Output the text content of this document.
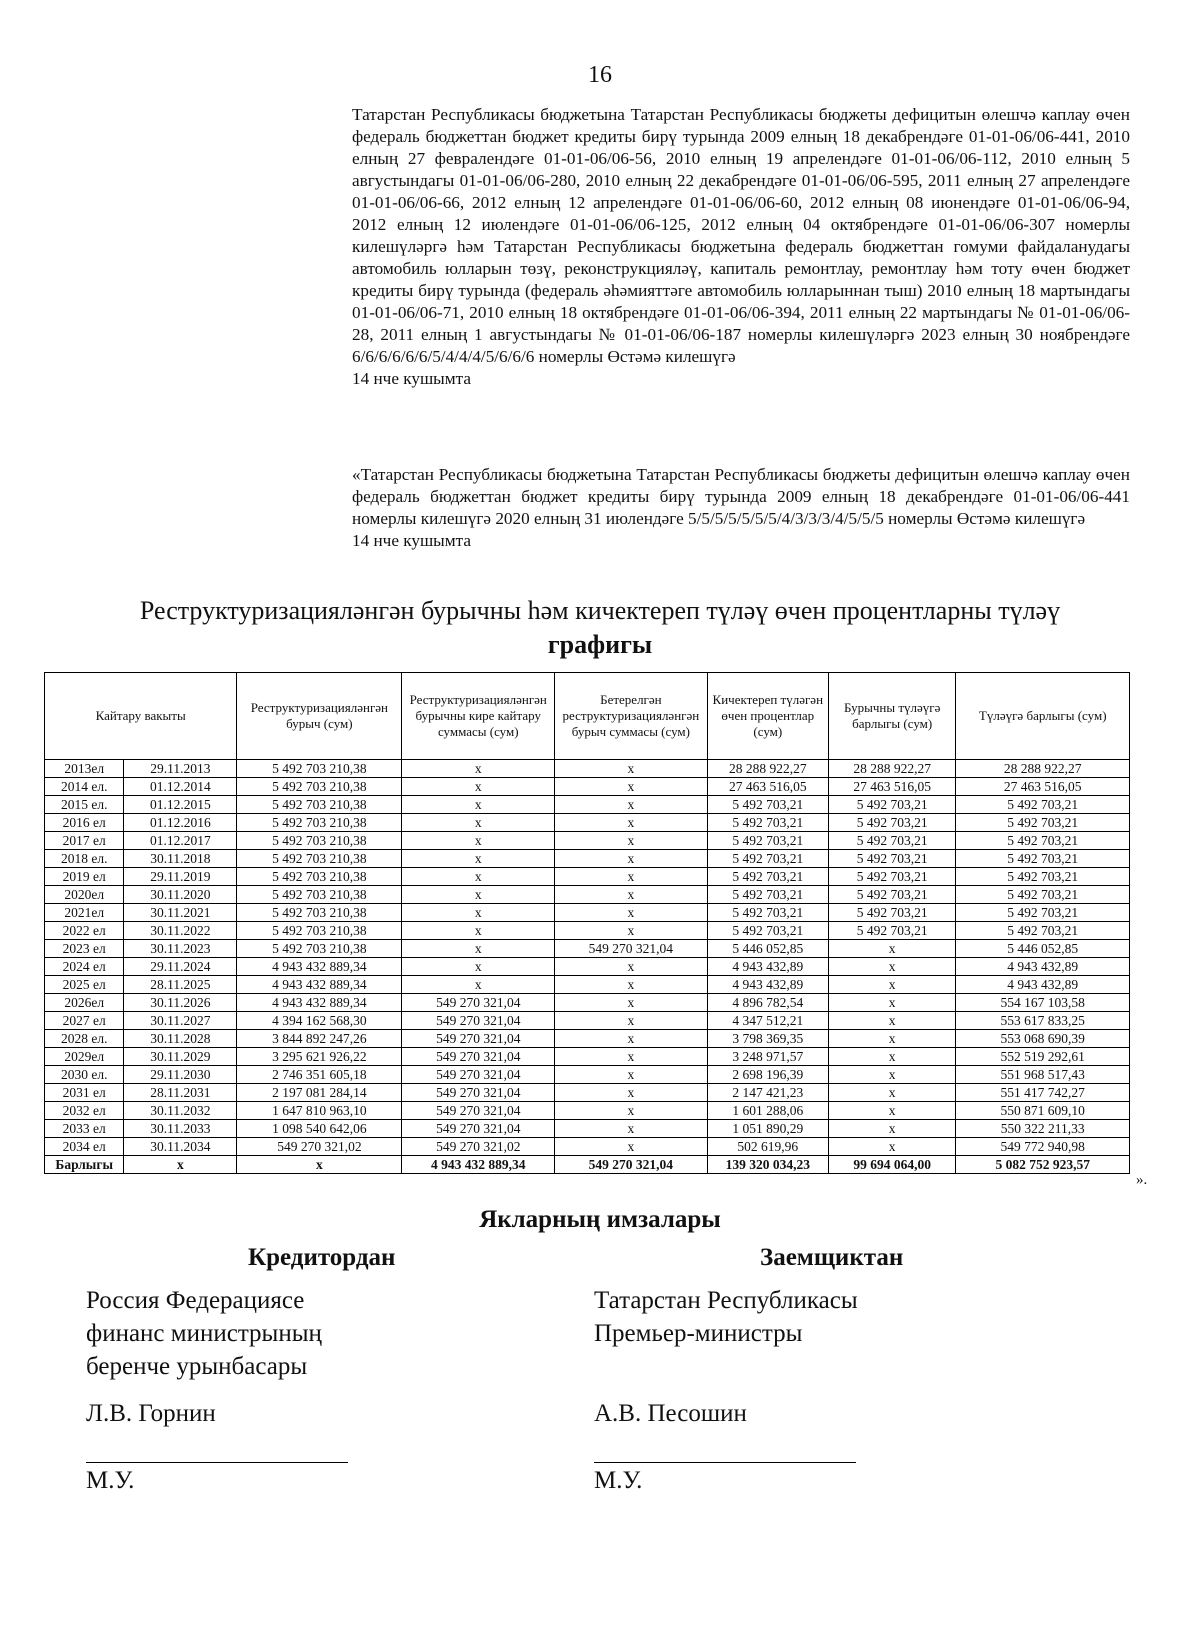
16

Татарстан Республикасы бюджетына Татарстан Республикасы бюджеты дефицитын өлешчә каплау өчен федераль бюджеттан бюджет кредиты бирү турында 2009 елның 18 декабрендәге 01-01-06/06-441, 2010 елның 27 февралендәге 01-01-06/06-56, 2010 елның 19 апрелендәге 01-01-06/06-112, 2010 елның 5 августындагы 01-01-06/06-280, 2010 елның 22 декабрендәге 01-01-06/06-595, 2011 елның 27 апрелендәге 01-01-06/06-66, 2012 елның 12 апрелендәге 01-01-06/06-60, 2012 елның 08 июнендәге 01-01-06/06-94, 2012 елның 12 июлендәге 01-01-06/06-125, 2012 елның 04 октябрендәге 01-01-06/06-307 номерлы килешүләргә һәм Татарстан Республикасы бюджетына федераль бюджеттан гомуми файдаланудагы автомобиль юлларын төзү, реконструкцияләү, капиталь ремонтлау, ремонтлау һәм тоту өчен бюджет кредиты бирү турында (федераль әһәмияттәге автомобиль юлларыннан тыш) 2010 елның 18 мартындагы 01-01-06/06-71, 2010 елның 18 октябрендәге 01-01-06/06-394, 2011 елның 22 мартындагы № 01-01-06/06-28, 2011 елның 1 августындагы № 01-01-06/06-187 номерлы килешүләргә 2023 елның 30 ноябрендәге 6/6/6/6/6/6/5/4/4/4/5/6/6/6 номерлы Өстәмә килешүгә

14 нче кушымта

«Татарстан Республикасы бюджетына Татарстан Республикасы бюджеты дефицитын өлешчә каплау өчен федераль бюджеттан бюджет кредиты бирү турында 2009 елның 18 декабрендәге 01-01-06/06-441 номерлы килешүгә 2020 елның 31 июлендәге 5/5/5/5/5/5/5/4/3/3/3/4/5/5/5 номерлы Өстәмә килешүгә

14 нче кушымта

Реструктуризацияләнгән бурычны һәм кичектереп түләү өчен процентларны түләү
графигы
Кайтару вакыты		Реструктуризацияләнгән бурыч (сум)	Реструктуризацияләнгән бурычны кире кайтару суммасы (сум)	Бетерелгән реструктуризацияләнгән бурыч суммасы (сум)	Кичектереп түләгән өчен процентлар (сум)	Бурычны түләүгә барлыгы (сум)	Түләүгә барлыгы (сум)
2013ел	29.11.2013	5 492 703 210,38	x	x	28 288 922,27	28 288 922,27	28 288 922,27
2014 ел.	01.12.2014	5 492 703 210,38	x	x	27 463 516,05	27 463 516,05	27 463 516,05
2015 ел.	01.12.2015	5 492 703 210,38	x	x	5 492 703,21	5 492 703,21	5 492 703,21
2016 ел	01.12.2016	5 492 703 210,38	x	x	5 492 703,21	5 492 703,21	5 492 703,21
2017 ел	01.12.2017	5 492 703 210,38	x	x	5 492 703,21	5 492 703,21	5 492 703,21
2018 ел.	30.11.2018	5 492 703 210,38	x	x	5 492 703,21	5 492 703,21	5 492 703,21
2019 ел	29.11.2019	5 492 703 210,38	x	x	5 492 703,21	5 492 703,21	5 492 703,21
2020ел	30.11.2020	5 492 703 210,38	x	x	5 492 703,21	5 492 703,21	5 492 703,21
2021ел	30.11.2021	5 492 703 210,38	x	x	5 492 703,21	5 492 703,21	5 492 703,21
2022 ел	30.11.2022	5 492 703 210,38	x	x	5 492 703,21	5 492 703,21	5 492 703,21
2023 ел	30.11.2023	5 492 703 210,38	x	549 270 321,04	5 446 052,85	x	5 446 052,85
2024 ел	29.11.2024	4 943 432 889,34	x	x	4 943 432,89	x	4 943 432,89
2025 ел	28.11.2025	4 943 432 889,34	x	x	4 943 432,89	x	4 943 432,89
2026ел	30.11.2026	4 943 432 889,34	549 270 321,04	x	4 896 782,54	x	554 167 103,58
2027 ел	30.11.2027	4 394 162 568,30	549 270 321,04	x	4 347 512,21	x	553 617 833,25
2028 ел.	30.11.2028	3 844 892 247,26	549 270 321,04	x	3 798 369,35	x	553 068 690,39
2029ел	30.11.2029	3 295 621 926,22	549 270 321,04	x	3 248 971,57	x	552 519 292,61
2030 ел.	29.11.2030	2 746 351 605,18	549 270 321,04	x	2 698 196,39	x	551 968 517,43
2031 ел	28.11.2031	2 197 081 284,14	549 270 321,04	x	2 147 421,23	x	551 417 742,27
2032 ел	30.11.2032	1 647 810 963,10	549 270 321,04	x	1 601 288,06	x	550 871 609,10
2033 ел	30.11.2033	1 098 540 642,06	549 270 321,04	x	1 051 890,29	x	550 322 211,33
2034 ел	30.11.2034	549 270 321,02	549 270 321,02	x	502 619,96	x	549 772 940,98
Барлыгы	x	x	4 943 432 889,34	549 270 321,04	139 320 034,23	99 694 064,00	5 082 752 923,57
».
Якларның имзалары
Кредитордан	Заемщиктан
Россия Федерациясе
финанс министрының
беренче урынбасары
Татарстан Республикасы
Премьер-министры
Л.В. Горнин	А.В. Песошин
М.У.	М.У.
